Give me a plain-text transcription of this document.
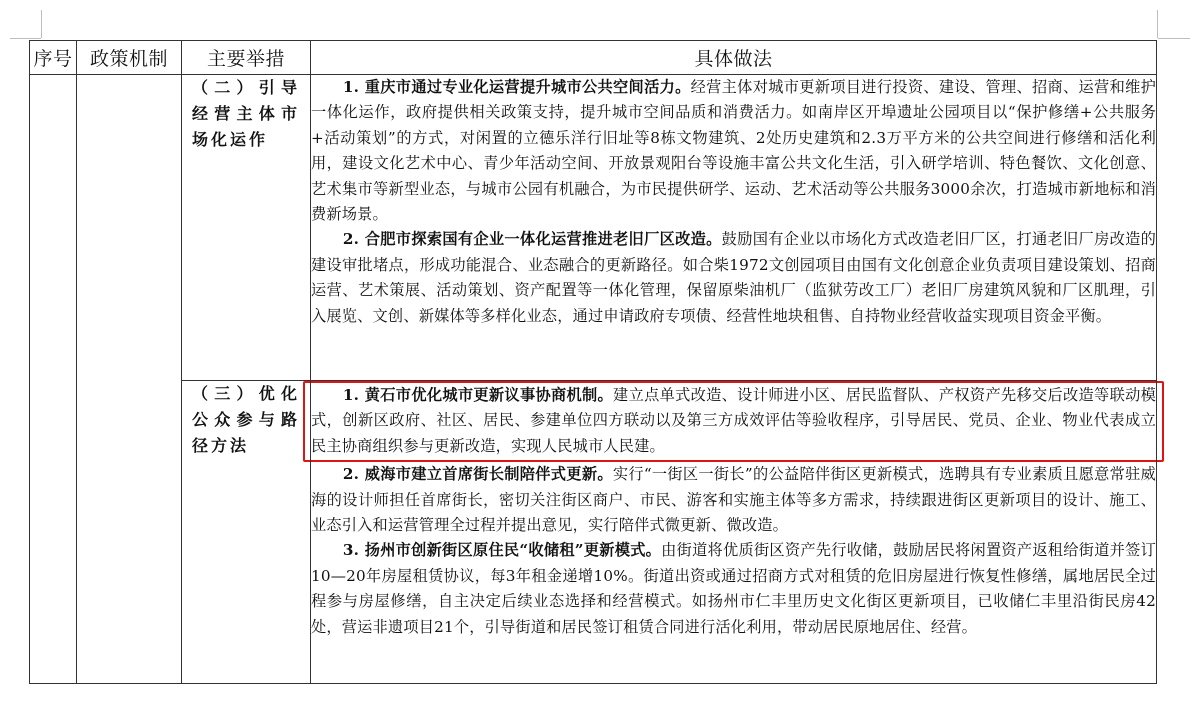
序号	政策机制	主要举措	具体做法

		（二）引导经营主体市场化运作	1. 重庆市通过专业化运营提升城市公共空间活力。经营主体对城市更新项目进行投资、建设、管理、招商、运营和维护一体化运作，政府提供相关政策支持，提升城市空间品质和消费活力。如南岸区开埠遗址公园项目以“保护修缮+公共服务+活动策划”的方式，对闲置的立德乐洋行旧址等8栋文物建筑、2处历史建筑和2.3万平方米的公共空间进行修缮和活化利用，建设文化艺术中心、青少年活动空间、开放景观阳台等设施丰富公共文化生活，引入研学培训、特色餐饮、文化创意、艺术集市等新型业态，与城市公园有机融合，为市民提供研学、运动、艺术活动等公共服务3000余次，打造城市新地标和消费新场景。

2. 合肥市探索国有企业一体化运营推进老旧厂区改造。鼓励国有企业以市场化方式改造老旧厂区，打通老旧厂房改造的建设审批堵点，形成功能混合、业态融合的更新路径。如合柴1972文创园项目由国有文化创意企业负责项目建设策划、招商运营、艺术策展、活动策划、资产配置等一体化管理，保留原柴油机厂（监狱劳改工厂）老旧厂房建筑风貌和厂区肌理，引入展览、文创、新媒体等多样化业态，通过申请政府专项债、经营性地块租售、自持物业经营收益实现项目资金平衡。

		（三）优化公众参与路径方法	1. 黄石市优化城市更新议事协商机制。建立点单式改造、设计师进小区、居民监督队、产权资产先移交后改造等联动模式，创新区政府、社区、居民、参建单位四方联动以及第三方成效评估等验收程序，引导居民、党员、企业、物业代表成立民主协商组织参与更新改造，实现人民城市人民建。

2. 威海市建立首席街长制陪伴式更新。实行“一街区一街长”的公益陪伴街区更新模式，选聘具有专业素质且愿意常驻威海的设计师担任首席街长，密切关注街区商户、市民、游客和实施主体等多方需求，持续跟进街区更新项目的设计、施工、业态引入和运营管理全过程并提出意见，实行陪伴式微更新、微改造。

3. 扬州市创新街区原住民“收储租”更新模式。由街道将优质街区资产先行收储，鼓励居民将闲置资产返租给街道并签订10—20年房屋租赁协议，每3年租金递增10%。街道出资或通过招商方式对租赁的危旧房屋进行恢复性修缮，属地居民全过程参与房屋修缮，自主决定后续业态选择和经营模式。如扬州市仁丰里历史文化街区更新项目，已收储仁丰里沿街民房42处，营运非遗项目21个，引导街道和居民签订租赁合同进行活化利用，带动居民原地居住、经营。
